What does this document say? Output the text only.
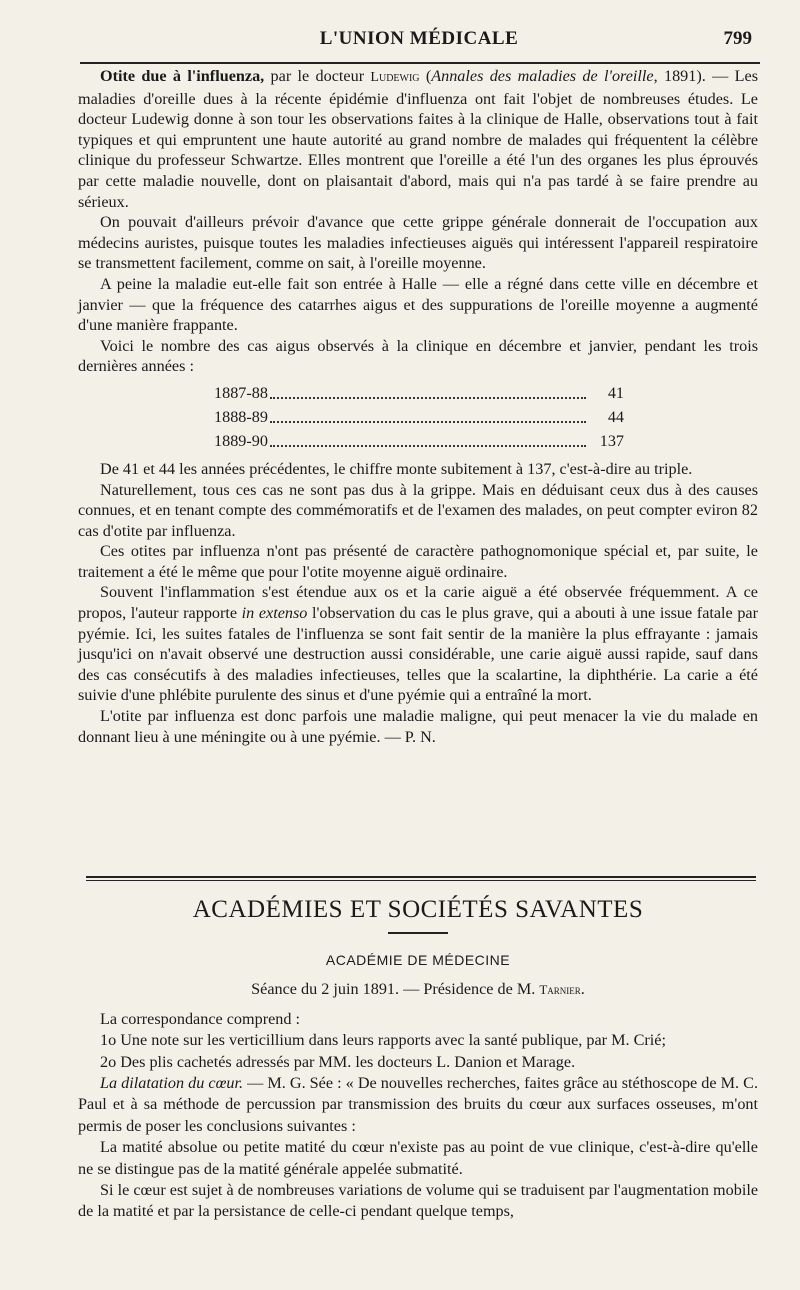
L'UNION MÉDICALE	799

Otite due à l'influenza, par le docteur Ludewig (Annales des maladies de l'oreille, 1891). — Les maladies d'oreille dues à la récente épidémie d'influenza ont fait l'objet de nombreuses études. Le docteur Ludewig donne à son tour les observations faites à la clinique de Halle, observations tout à fait typiques et qui empruntent une haute autorité au grand nombre de malades qui fréquentent la célèbre clinique du professeur Schwartze. Elles montrent que l'oreille a été l'un des organes les plus éprouvés par cette maladie nouvelle, dont on plaisantait d'abord, mais qui n'a pas tardé à se faire prendre au sérieux.

On pouvait d'ailleurs prévoir d'avance que cette grippe générale donnerait de l'occupation aux médecins auristes, puisque toutes les maladies infectieuses aiguës qui intéressent l'appareil respiratoire se transmettent facilement, comme on sait, à l'oreille moyenne.

A peine la maladie eut-elle fait son entrée à Halle — elle a régné dans cette ville en décembre et janvier — que la fréquence des catarrhes aigus et des suppurations de l'oreille moyenne a augmenté d'une manière frappante.

Voici le nombre des cas aigus observés à la clinique en décembre et janvier, pendant les trois dernières années :

1887-88	41
1888-89	44
1889-90	137

De 41 et 44 les années précédentes, le chiffre monte subitement à 137, c'est-à-dire au triple.

Naturellement, tous ces cas ne sont pas dus à la grippe. Mais en déduisant ceux dus à des causes connues, et en tenant compte des commémoratifs et de l'examen des malades, on peut compter eviron 82 cas d'otite par influenza.

Ces otites par influenza n'ont pas présenté de caractère pathognomonique spécial et, par suite, le traitement a été le même que pour l'otite moyenne aiguë ordinaire.

Souvent l'inflammation s'est étendue aux os et la carie aiguë a été observée fréquemment. A ce propos, l'auteur rapporte in extenso l'observation du cas le plus grave, qui a abouti à une issue fatale par pyémie. Ici, les suites fatales de l'influenza se sont fait sentir de la manière la plus effrayante : jamais jusqu'ici on n'avait observé une destruction aussi considérable, une carie aiguë aussi rapide, sauf dans des cas consécutifs à des maladies infectieuses, telles que la scalartine, la diphthérie. La carie a été suivie d'une phlébite purulente des sinus et d'une pyémie qui a entraîné la mort.

L'otite par influenza est donc parfois une maladie maligne, qui peut menacer la vie du malade en donnant lieu à une méningite ou à une pyémie. — P. N.

ACADÉMIES ET SOCIÉTÉS SAVANTES
ACADÉMIE DE MÉDECINE
Séance du 2 juin 1891. — Présidence de M. Tarnier.

La correspondance comprend :

1o Une note sur les verticillium dans leurs rapports avec la santé publique, par M. Crié;

2o Des plis cachetés adressés par MM. les docteurs L. Danion et Marage.

La dilatation du cœur. — M. G. Sée : « De nouvelles recherches, faites grâce au stéthoscope de M. C. Paul et à sa méthode de percussion par transmission des bruits du cœur aux surfaces osseuses, m'ont permis de poser les conclusions suivantes :

La matité absolue ou petite matité du cœur n'existe pas au point de vue clinique, c'est-à-dire qu'elle ne se distingue pas de la matité générale appelée submatité.

Si le cœur est sujet à de nombreuses variations de volume qui se traduisent par l'augmentation mobile de la matité et par la persistance de celle-ci pendant quelque temps,
